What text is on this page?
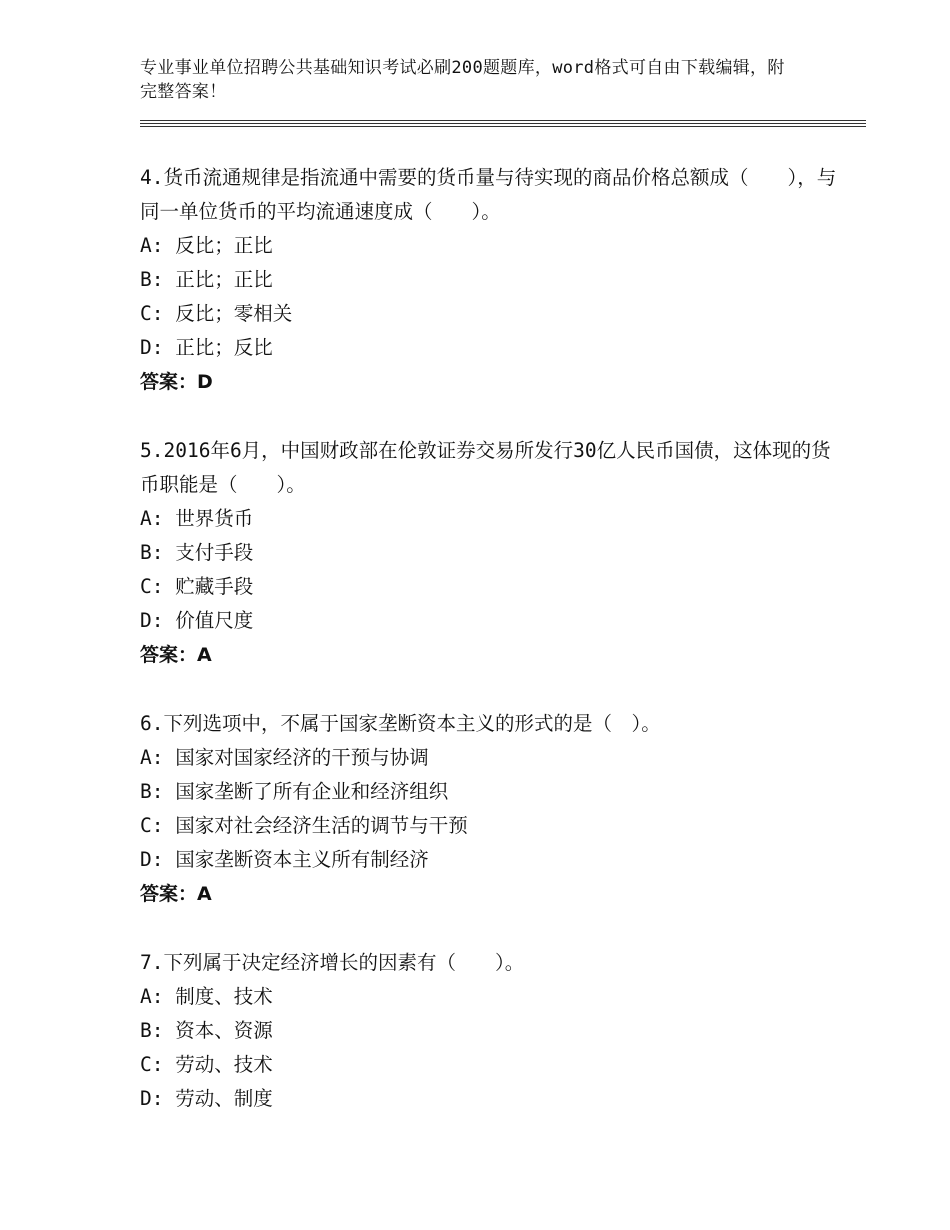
专业事业单位招聘公共基础知识考试必刷200题题库，word格式可自由下载编辑，附完整答案！

4.货币流通规律是指流通中需要的货币量与待实现的商品价格总额成（　　），与同一单位货币的平均流通速度成（　　）。

A: 反比；正比

B: 正比；正比

C: 反比；零相关

D: 正比；反比

答案：D

5.2016年6月，中国财政部在伦敦证券交易所发行30亿人民币国债，这体现的货币职能是（　　）。

A: 世界货币

B: 支付手段

C: 贮藏手段

D: 价值尺度

答案：A

6.下列选项中，不属于国家垄断资本主义的形式的是（　）。

A: 国家对国家经济的干预与协调

B: 国家垄断了所有企业和经济组织

C: 国家对社会经济生活的调节与干预

D: 国家垄断资本主义所有制经济

答案：A

7.下列属于决定经济增长的因素有（　　）。

A: 制度、技术

B: 资本、资源

C: 劳动、技术

D: 劳动、制度
